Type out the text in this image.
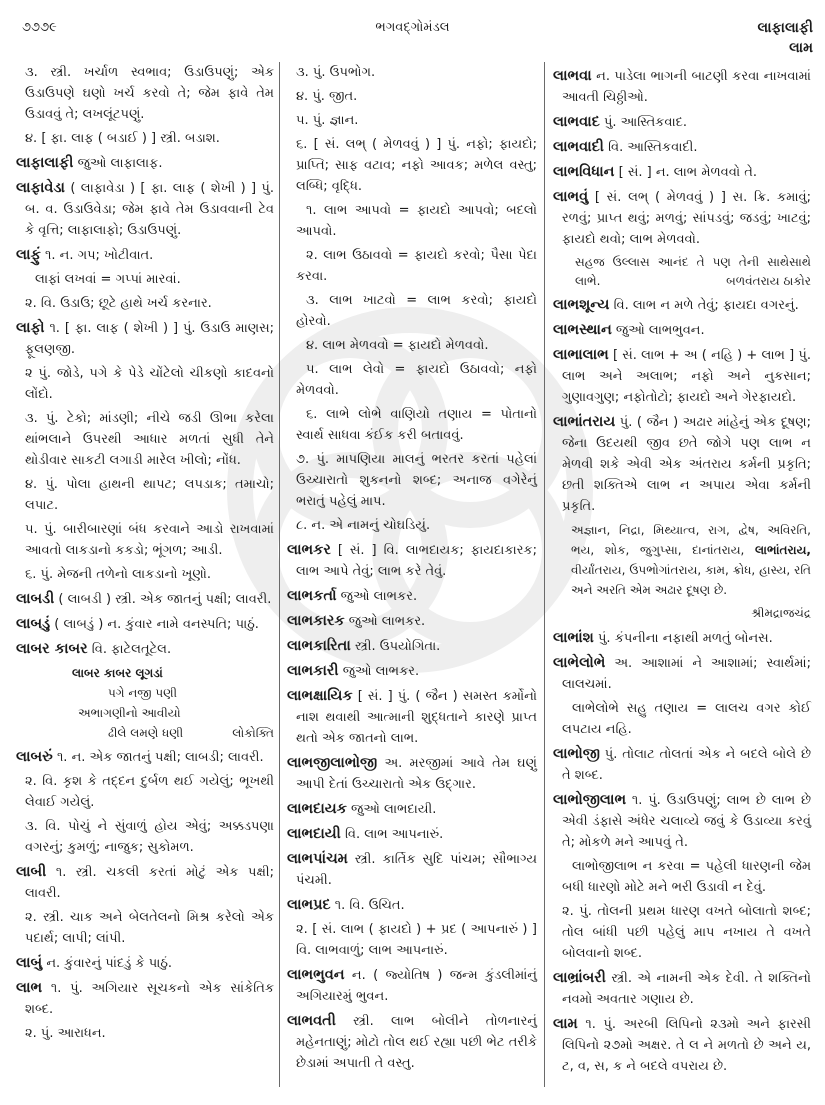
૭૭૭૯	ભગવદ્ગોમંડલ	લાફાલાફી
લામ

૩. સ્ત્રી. ખર્ચાળ સ્વભાવ; ઉડાઉપણું; એક ઉડાઉપણે ઘણો ખર્ચ કરવો તે; જેમ ફાવે તેમ ઉડાવવું તે; લખલૂંટપણું.

૪. [ ફા. લાફ ( બડાઈ ) ] સ્ત્રી. બડાશ.

લાફાલાફી જુઓ લાફાલાફ.

લાફાવેડા ( લાફાવેડા ) [ ફા. લાફ ( શેખી ) ] પું. બ. વ. ઉડાઉવેડા; જેમ ફાવે તેમ ઉડાવવાની ટેવ કે વૃત્તિ; લાફાલાફો; ઉડાઉપણું.

લાફું ૧. ન. ગપ; ખોટીવાત.

લાફાં લખવાં = ગપ્પાં મારવાં.

૨. વિ. ઉડાઉ; છૂટે હાથે ખર્ચ કરનાર.

લાફો ૧. [ ફા. લાફ ( શેખી ) ] પું. ઉડાઉ માણસ; ફૂલણજી.

૨ પું. જોડે, પગે કે પેડે ચોંટેલો ચીકણો કાદવનો લોંદો.

૩. પું. ટેકો; માંડણી; નીચે જડી ઊભા કરેલા થાંભલાને ઉપરથી આધાર મળતાં સુધી તેને થોડીવાર સાકટી લગાડી મારેલ ખીલો; નોંધ.

૪. પું. પોલા હાથની થાપટ; લપડાક; તમાચો; લપાટ.

૫. પું. બારીબારણાં બંધ કરવાને આડો રાખવામાં આવતો લાકડાનો કકડો; ભૂંગળ; આડી.

૬. પું. મેજની તળેનો લાકડાનો ખૂણો.

લાબડી ( લાબડી ) સ્ત્રી. એક જાતનું પક્ષી; લાવરી.

લાબડું ( લાબડું ) ન. કુંવાર નામે વનસ્પતિ; પાઠું.

લાબર કાબર વિ. ફાટેલતૂટેલ.

લાબર કાબર લૂગડાં
પગે નજી પણી
અભાગણીનો આવીયો
ઢીલે લમણે ધણી	લોકોક્તિ

લાબરું ૧. ન. એક જાતનું પક્ષી; લાબડી; લાવરી.

૨. વિ. કૃશ કે તદ્દન દુર્બળ થઈ ગયેલું; ભૂખથી લેવાઈ ગયેલું.

૩. વિ. પોચું ને સુંવાળું હોય એવું; અક્કડપણા વગરનું; કુમળું; નાજુક; સુકોમળ.

લાબી ૧. સ્ત્રી. ચકલી કરતાં મોટું એક પક્ષી; લાવરી.

૨. સ્ત્રી. ચાક અને બેલતેલનો મિશ્ર કરેલો એક પદાર્થ; લાપી; લાંપી.

લાબું ન. કુંવારનું પાંદડું કે પાઠું.

લાભ ૧. પું. અગિયાર સૂચકનો એક સાંકેતિક શબ્દ.

૨. પું. આરાધન.

૩. પું. ઉપભોગ.

૪. પું. જીત.

૫. પું. જ્ઞાન.

૬. [ સં. લભ્ ( મેળવવું ) ] પું. નફો; ફાયદો; પ્રાપ્તિ; સાફ વટાવ; નફો આવક; મળેલ વસ્તુ; લબ્ધિ; વૃદ્ધિ.

૧. લાભ આપવો = ફાયદો આપવો; બદલો આપવો.

૨. લાભ ઉઠાવવો = ફાયદો કરવો; પૈસા પેદા કરવા.

૩. લાભ ખાટવો = લાભ કરવો; ફાયદો હોરવો.

૪. લાભ મેળવવો = ફાયદો મેળવવો.

૫. લાભ લેવો = ફાયદો ઉઠાવવો; નફો મેળવવો.

૬. લાભે લોભે વાણિયો તણાય = પોતાનો સ્વાર્થ સાધવા કંઈક કરી બતાવવું.

૭. પું. માપણિયા માલનું ભરતર કરતાં પહેલાં ઉચ્ચારાતો શુકનનો શબ્દ; અનાજ વગેરેનું ભરાતું પહેલું માપ.

૮. ન. એ નામનું ચોઘડિયું.

લાભકર [ સં. ] વિ. લાભદાયક; ફાયદાકારક; લાભ આપે તેવું; લાભ કરે તેવું.

લાભકર્તા જુઓ લાભકર.

લાભકારક જુઓ લાભકર.

લાભકારિતા સ્ત્રી. ઉપયોગિતા.

લાભકારી જુઓ લાભકર.

લાભક્ષાયિક [ સં. ] પું. ( જૈન ) સમસ્ત કર્મોનો નાશ થવાથી આત્માની શુદ્ધતાને કારણે પ્રાપ્ત થતો એક જાતનો લાભ.

લાભજીલાભોજી અ. મરજીમાં આવે તેમ ઘણું આપી દેતાં ઉચ્ચારાતો એક ઉદ્ગાર.

લાભદાયક જુઓ લાભદાયી.

લાભદાયી વિ. લાભ આપનારું.

લાભપાંચમ સ્ત્રી. કાર્તિક સુદિ પાંચમ; સૌભાગ્ય પંચમી.

લાભપ્રદ ૧. વિ. ઉચિત.

૨. [ સં. લાભ ( ફાયદો ) + પ્રદ ( આપનારું ) ] વિ. લાભવાળું; લાભ આપનારું.

લાભભુવન ન. ( જ્યોતિષ ) જન્મ કુંડલીમાંનું અગિયારમું ભુવન.

લાભવતી સ્ત્રી. લાભ બોલીને તોળનારનું મહેનતાણું; મોટો તોલ થઈ રહ્યા પછી ભેટ તરીકે છેડામાં અપાતી તે વસ્તુ.

લાભવા ન. પાડેલા ભાગની બાટણી કરવા નાખવામાં આવતી ચિઠ્ઠીઓ.

લાભવાદ પું. આસ્તિકવાદ.

લાભવાદી વિ. આસ્તિકવાદી.

લાભવિધાન [ સં. ] ન. લાભ મેળવવો તે.

લાભવું [ સં. લભ્ ( મેળવવું ) ] સ. ક્રિ. કમાવું; રળવું; પ્રાપ્ત થવું; મળવું; સાંપડવું; જડવું; ખાટવું; ફાયદો થવો; લાભ મેળવવો.

સહજ ઉલ્લાસ આનંદ તે પણ તેની સાથેસાથે લાભે.	બળવંતરાય ઠાકોર

લાભશૂન્ય વિ. લાભ ન મળે તેવું; ફાયદા વગરનું.

લાભસ્થાન જુઓ લાભભુવન.

લાભાલાભ [ સં. લાભ + અ ( નહિ ) + લાભ ] પું. લાભ અને અલાભ; નફો અને નુકસાન; ગુણાવગુણ; નફોતોટો; ફાયદો અને ગેરફાયદો.

લાભાંતરાય પું. ( જૈન ) અઢાર માંહેનું એક દૂષણ; જેના ઉદયથી જીવ છતે જોગે પણ લાભ ન મેળવી શકે એવી એક અંતરાય કર્મની પ્રકૃતિ; છતી શક્તિએ લાભ ન અપાય એવા કર્મની પ્રકૃતિ.

અજ્ઞાન, નિદ્રા, મિથ્યાત્વ, રાગ, દ્વેષ, અવિરતિ, ભય, શોક, જુગુપ્સા, દાનાંતરાય, લાભાંતરાય, વીર્યાંતરાય, ઉપભોગાંતરાય, કામ, ક્રોધ, હાસ્ય, રતિ અને અરતિ એમ અઢાર દૂષણ છે.

શ્રીમદ્રાજચંદ્ર

લાભાંશ પું. કંપનીના નફાથી મળતું બોનસ.

લાભેલોભે અ. આશામાં ને આશામાં; સ્વાર્થમાં; લાલચમાં.

લાભેલોભે સહુ તણાય = લાલચ વગર કોઈ લપટાય નહિ.

લાભોજી પું. તોલાટ તોલતાં એક ને બદલે બોલે છે તે શબ્દ.

લાભોજીલાભ ૧. પું. ઉડાઉપણું; લાભ છે લાભ છે એવી ડંફાસે અંધેર ચલાવ્યે જવું કે ઉડાવ્યા કરવું તે; મોકળે મને આપવું તે.

લાભોજીલાભ ન કરવા = પહેલી ધારણની જેમ બધી ધારણો મોટે મને ભરી ઉડાવી ન દેવું.

૨. પું. તોલની પ્રથમ ધારણ વખતે બોલાતો શબ્દ; તોલ બાંધી પછી પહેલું માપ નખાય તે વખતે બોલવાનો શબ્દ.

લાભ્રાંબરી સ્ત્રી. એ નામની એક દેવી. તે શક્તિનો નવમો અવતાર ગણાય છે.

લામ ૧. પું. અરબી લિપિનો ૨૩મો અને ફારસી લિપિનો ૨૭મો અક્ષર. તે લ ને મળતો છે અને ય, ટ, વ, સ, ક ને બદલે વપરાય છે.
